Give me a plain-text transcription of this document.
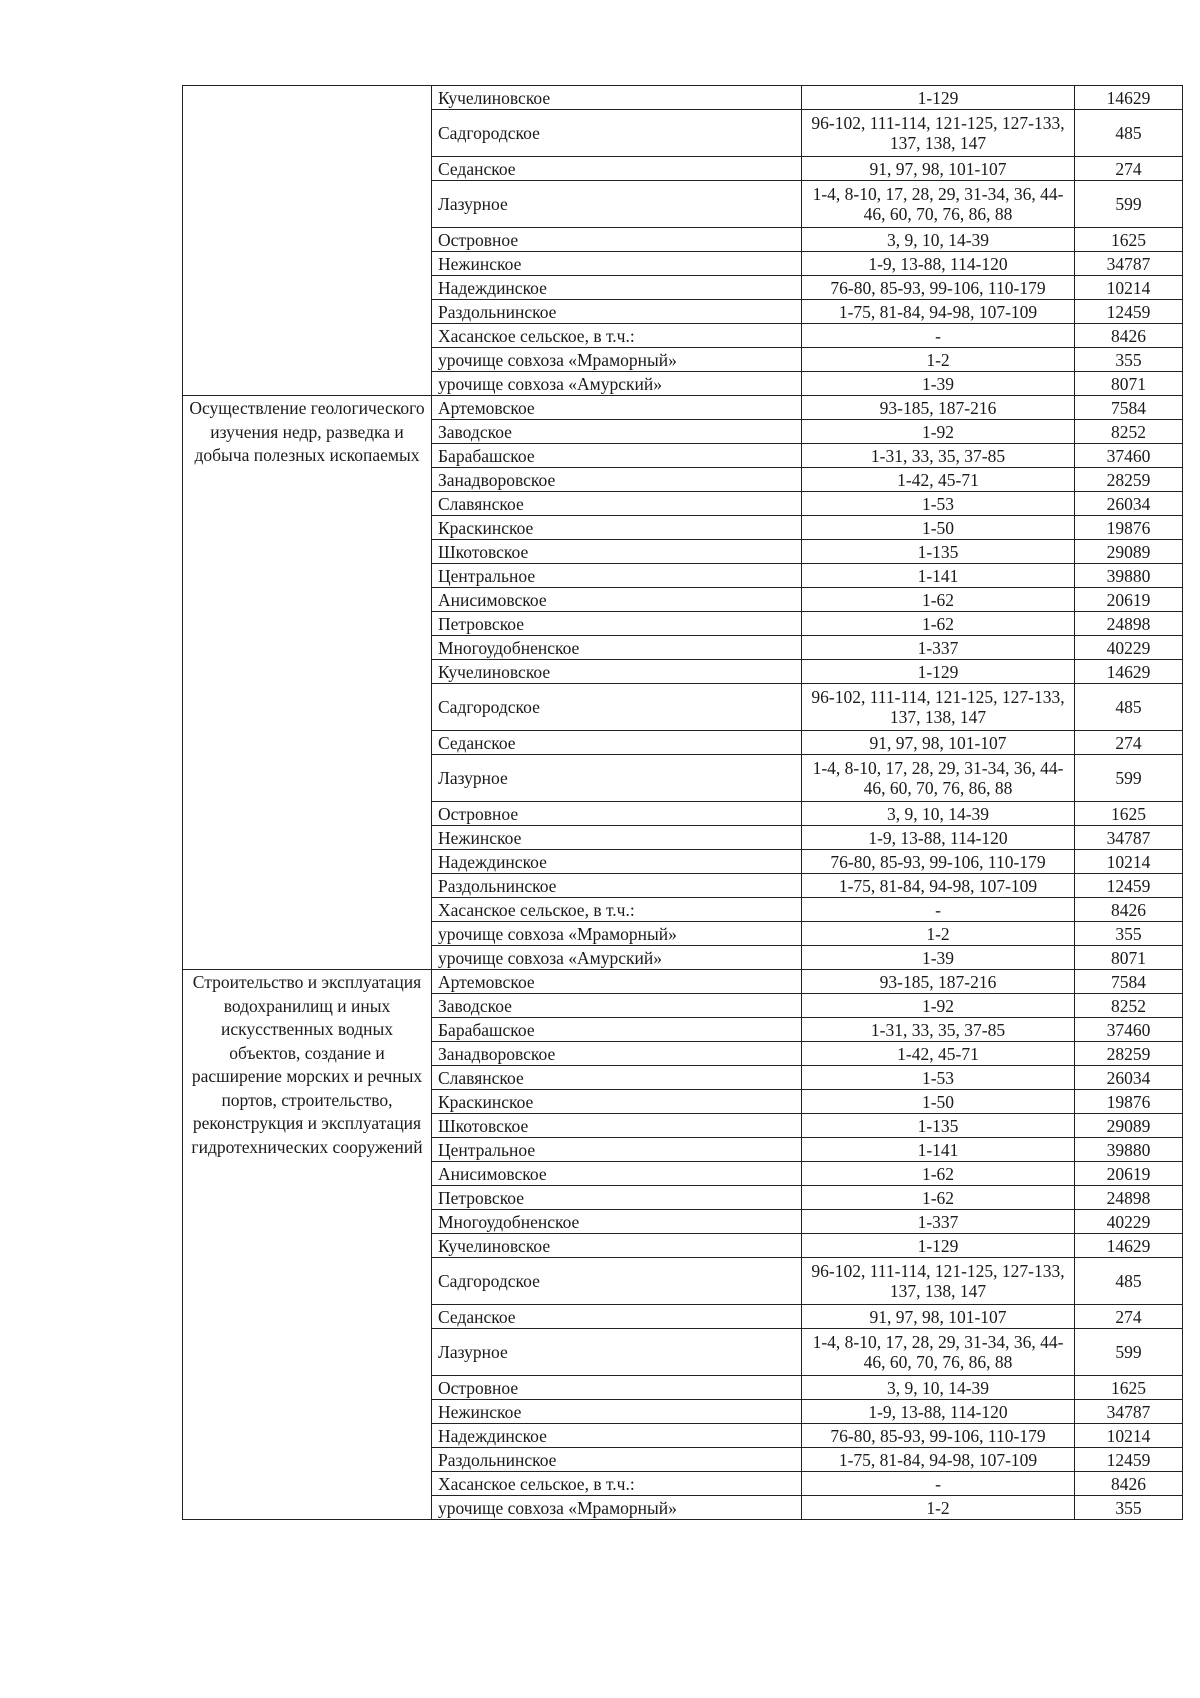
	Кучелиновское	1-129	14629
	Садгородское	96-102, 111-114, 121-125, 127-133, 137, 138, 147	485
	Седанское	91, 97, 98, 101-107	274
	Лазурное	1-4, 8-10, 17, 28, 29, 31-34, 36, 44-46, 60, 70, 76, 86, 88	599
	Островное	3, 9, 10, 14-39	1625
	Нежинское	1-9, 13-88, 114-120	34787
	Надеждинское	76-80, 85-93, 99-106, 110-179	10214
	Раздольнинское	1-75, 81-84, 94-98, 107-109	12459
	Хасанское сельское, в т.ч.:	-	8426
	урочище совхоза «Мраморный»	1-2	355
	урочище совхоза «Амурский»	1-39	8071
Осуществление геологического изучения недр, разведка и добыча полезных ископаемых	Артемовское	93-185, 187-216	7584
	Заводское	1-92	8252
	Барабашское	1-31, 33, 35, 37-85	37460
	Занадворовское	1-42, 45-71	28259
	Славянское	1-53	26034
	Краскинское	1-50	19876
	Шкотовское	1-135	29089
	Центральное	1-141	39880
	Анисимовское	1-62	20619
	Петровское	1-62	24898
	Многоудобненское	1-337	40229
	Кучелиновское	1-129	14629
	Садгородское	96-102, 111-114, 121-125, 127-133, 137, 138, 147	485
	Седанское	91, 97, 98, 101-107	274
	Лазурное	1-4, 8-10, 17, 28, 29, 31-34, 36, 44-46, 60, 70, 76, 86, 88	599
	Островное	3, 9, 10, 14-39	1625
	Нежинское	1-9, 13-88, 114-120	34787
	Надеждинское	76-80, 85-93, 99-106, 110-179	10214
	Раздольнинское	1-75, 81-84, 94-98, 107-109	12459
	Хасанское сельское, в т.ч.:	-	8426
	урочище совхоза «Мраморный»	1-2	355
	урочище совхоза «Амурский»	1-39	8071
Строительство и эксплуатация водохранилищ и иных искусственных водных объектов, создание и расширение морских и речных портов, строительство, реконструкция и эксплуатация гидротехнических сооружений	Артемовское	93-185, 187-216	7584
	Заводское	1-92	8252
	Барабашское	1-31, 33, 35, 37-85	37460
	Занадворовское	1-42, 45-71	28259
	Славянское	1-53	26034
	Краскинское	1-50	19876
	Шкотовское	1-135	29089
	Центральное	1-141	39880
	Анисимовское	1-62	20619
	Петровское	1-62	24898
	Многоудобненское	1-337	40229
	Кучелиновское	1-129	14629
	Садгородское	96-102, 111-114, 121-125, 127-133, 137, 138, 147	485
	Седанское	91, 97, 98, 101-107	274
	Лазурное	1-4, 8-10, 17, 28, 29, 31-34, 36, 44-46, 60, 70, 76, 86, 88	599
	Островное	3, 9, 10, 14-39	1625
	Нежинское	1-9, 13-88, 114-120	34787
	Надеждинское	76-80, 85-93, 99-106, 110-179	10214
	Раздольнинское	1-75, 81-84, 94-98, 107-109	12459
	Хасанское сельское, в т.ч.:	-	8426
	урочище совхоза «Мраморный»	1-2	355
